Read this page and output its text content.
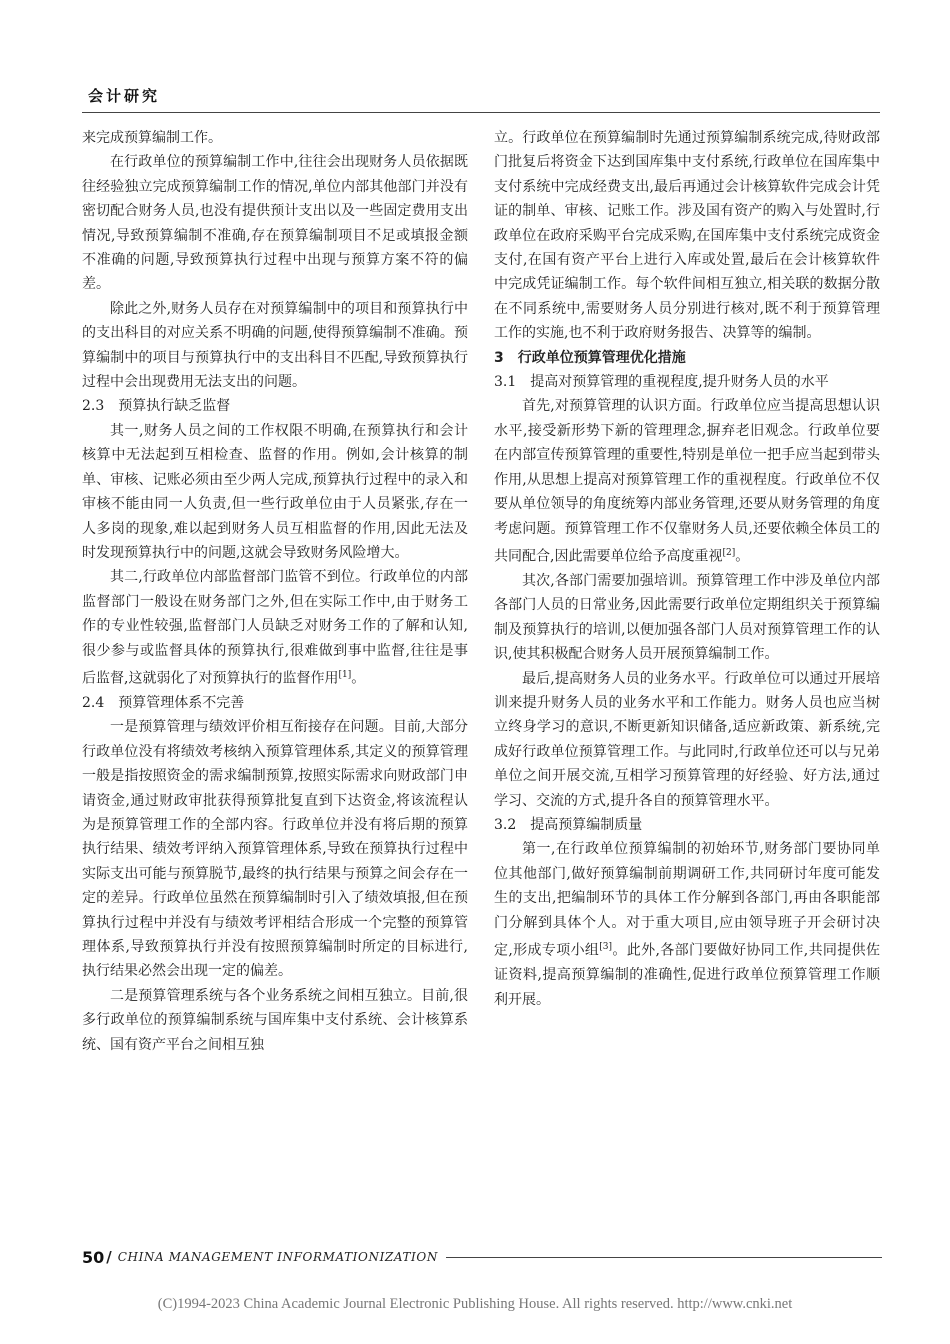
会计研究

来完成预算编制工作。

在行政单位的预算编制工作中,往往会出现财务人员依据既往经验独立完成预算编制工作的情况,单位内部其他部门并没有密切配合财务人员,也没有提供预计支出以及一些固定费用支出情况,导致预算编制不准确,存在预算编制项目不足或填报金额不准确的问题,导致预算执行过程中出现与预算方案不符的偏差。

除此之外,财务人员存在对预算编制中的项目和预算执行中的支出科目的对应关系不明确的问题,使得预算编制不准确。预算编制中的项目与预算执行中的支出科目不匹配,导致预算执行过程中会出现费用无法支出的问题。

2.3　预算执行缺乏监督

其一,财务人员之间的工作权限不明确,在预算执行和会计核算中无法起到互相检查、监督的作用。例如,会计核算的制单、审核、记账必须由至少两人完成,预算执行过程中的录入和审核不能由同一人负责,但一些行政单位由于人员紧张,存在一人多岗的现象,难以起到财务人员互相监督的作用,因此无法及时发现预算执行中的问题,这就会导致财务风险增大。

其二,行政单位内部监督部门监管不到位。行政单位的内部监督部门一般设在财务部门之外,但在实际工作中,由于财务工作的专业性较强,监督部门人员缺乏对财务工作的了解和认知,很少参与或监督具体的预算执行,很难做到事中监督,往往是事后监督,这就弱化了对预算执行的监督作用[1]。

2.4　预算管理体系不完善

一是预算管理与绩效评价相互衔接存在问题。目前,大部分行政单位没有将绩效考核纳入预算管理体系,其定义的预算管理一般是指按照资金的需求编制预算,按照实际需求向财政部门申请资金,通过财政审批获得预算批复直到下达资金,将该流程认为是预算管理工作的全部内容。行政单位并没有将后期的预算执行结果、绩效考评纳入预算管理体系,导致在预算执行过程中实际支出可能与预算脱节,最终的执行结果与预算之间会存在一定的差异。行政单位虽然在预算编制时引入了绩效填报,但在预算执行过程中并没有与绩效考评相结合形成一个完整的预算管理体系,导致预算执行并没有按照预算编制时所定的目标进行,执行结果必然会出现一定的偏差。

二是预算管理系统与各个业务系统之间相互独立。目前,很多行政单位的预算编制系统与国库集中支付系统、会计核算系统、国有资产平台之间相互独

立。行政单位在预算编制时先通过预算编制系统完成,待财政部门批复后将资金下达到国库集中支付系统,行政单位在国库集中支付系统中完成经费支出,最后再通过会计核算软件完成会计凭证的制单、审核、记账工作。涉及国有资产的购入与处置时,行政单位在政府采购平台完成采购,在国库集中支付系统完成资金支付,在国有资产平台上进行入库或处置,最后在会计核算软件中完成凭证编制工作。每个软件间相互独立,相关联的数据分散在不同系统中,需要财务人员分别进行核对,既不利于预算管理工作的实施,也不利于政府财务报告、决算等的编制。

3　行政单位预算管理优化措施
3.1　提高对预算管理的重视程度,提升财务人员的水平

首先,对预算管理的认识方面。行政单位应当提高思想认识水平,接受新形势下新的管理理念,摒弃老旧观念。行政单位要在内部宣传预算管理的重要性,特别是单位一把手应当起到带头作用,从思想上提高对预算管理工作的重视程度。行政单位不仅要从单位领导的角度统筹内部业务管理,还要从财务管理的角度考虑问题。预算管理工作不仅靠财务人员,还要依赖全体员工的共同配合,因此需要单位给予高度重视[2]。

其次,各部门需要加强培训。预算管理工作中涉及单位内部各部门人员的日常业务,因此需要行政单位定期组织关于预算编制及预算执行的培训,以便加强各部门人员对预算管理工作的认识,使其积极配合财务人员开展预算编制工作。

最后,提高财务人员的业务水平。行政单位可以通过开展培训来提升财务人员的业务水平和工作能力。财务人员也应当树立终身学习的意识,不断更新知识储备,适应新政策、新系统,完成好行政单位预算管理工作。与此同时,行政单位还可以与兄弟单位之间开展交流,互相学习预算管理的好经验、好方法,通过学习、交流的方式,提升各自的预算管理水平。

3.2　提高预算编制质量

第一,在行政单位预算编制的初始环节,财务部门要协同单位其他部门,做好预算编制前期调研工作,共同研讨年度可能发生的支出,把编制环节的具体工作分解到各部门,再由各职能部门分解到具体个人。对于重大项目,应由领导班子开会研讨决定,形成专项小组[3]。此外,各部门要做好协同工作,共同提供佐证资料,提高预算编制的准确性,促进行政单位预算管理工作顺利开展。

50 / CHINA MANAGEMENT INFORMATIONIZATION
(C)1994-2023 China Academic Journal Electronic Publishing House. All rights reserved. http://www.cnki.net
